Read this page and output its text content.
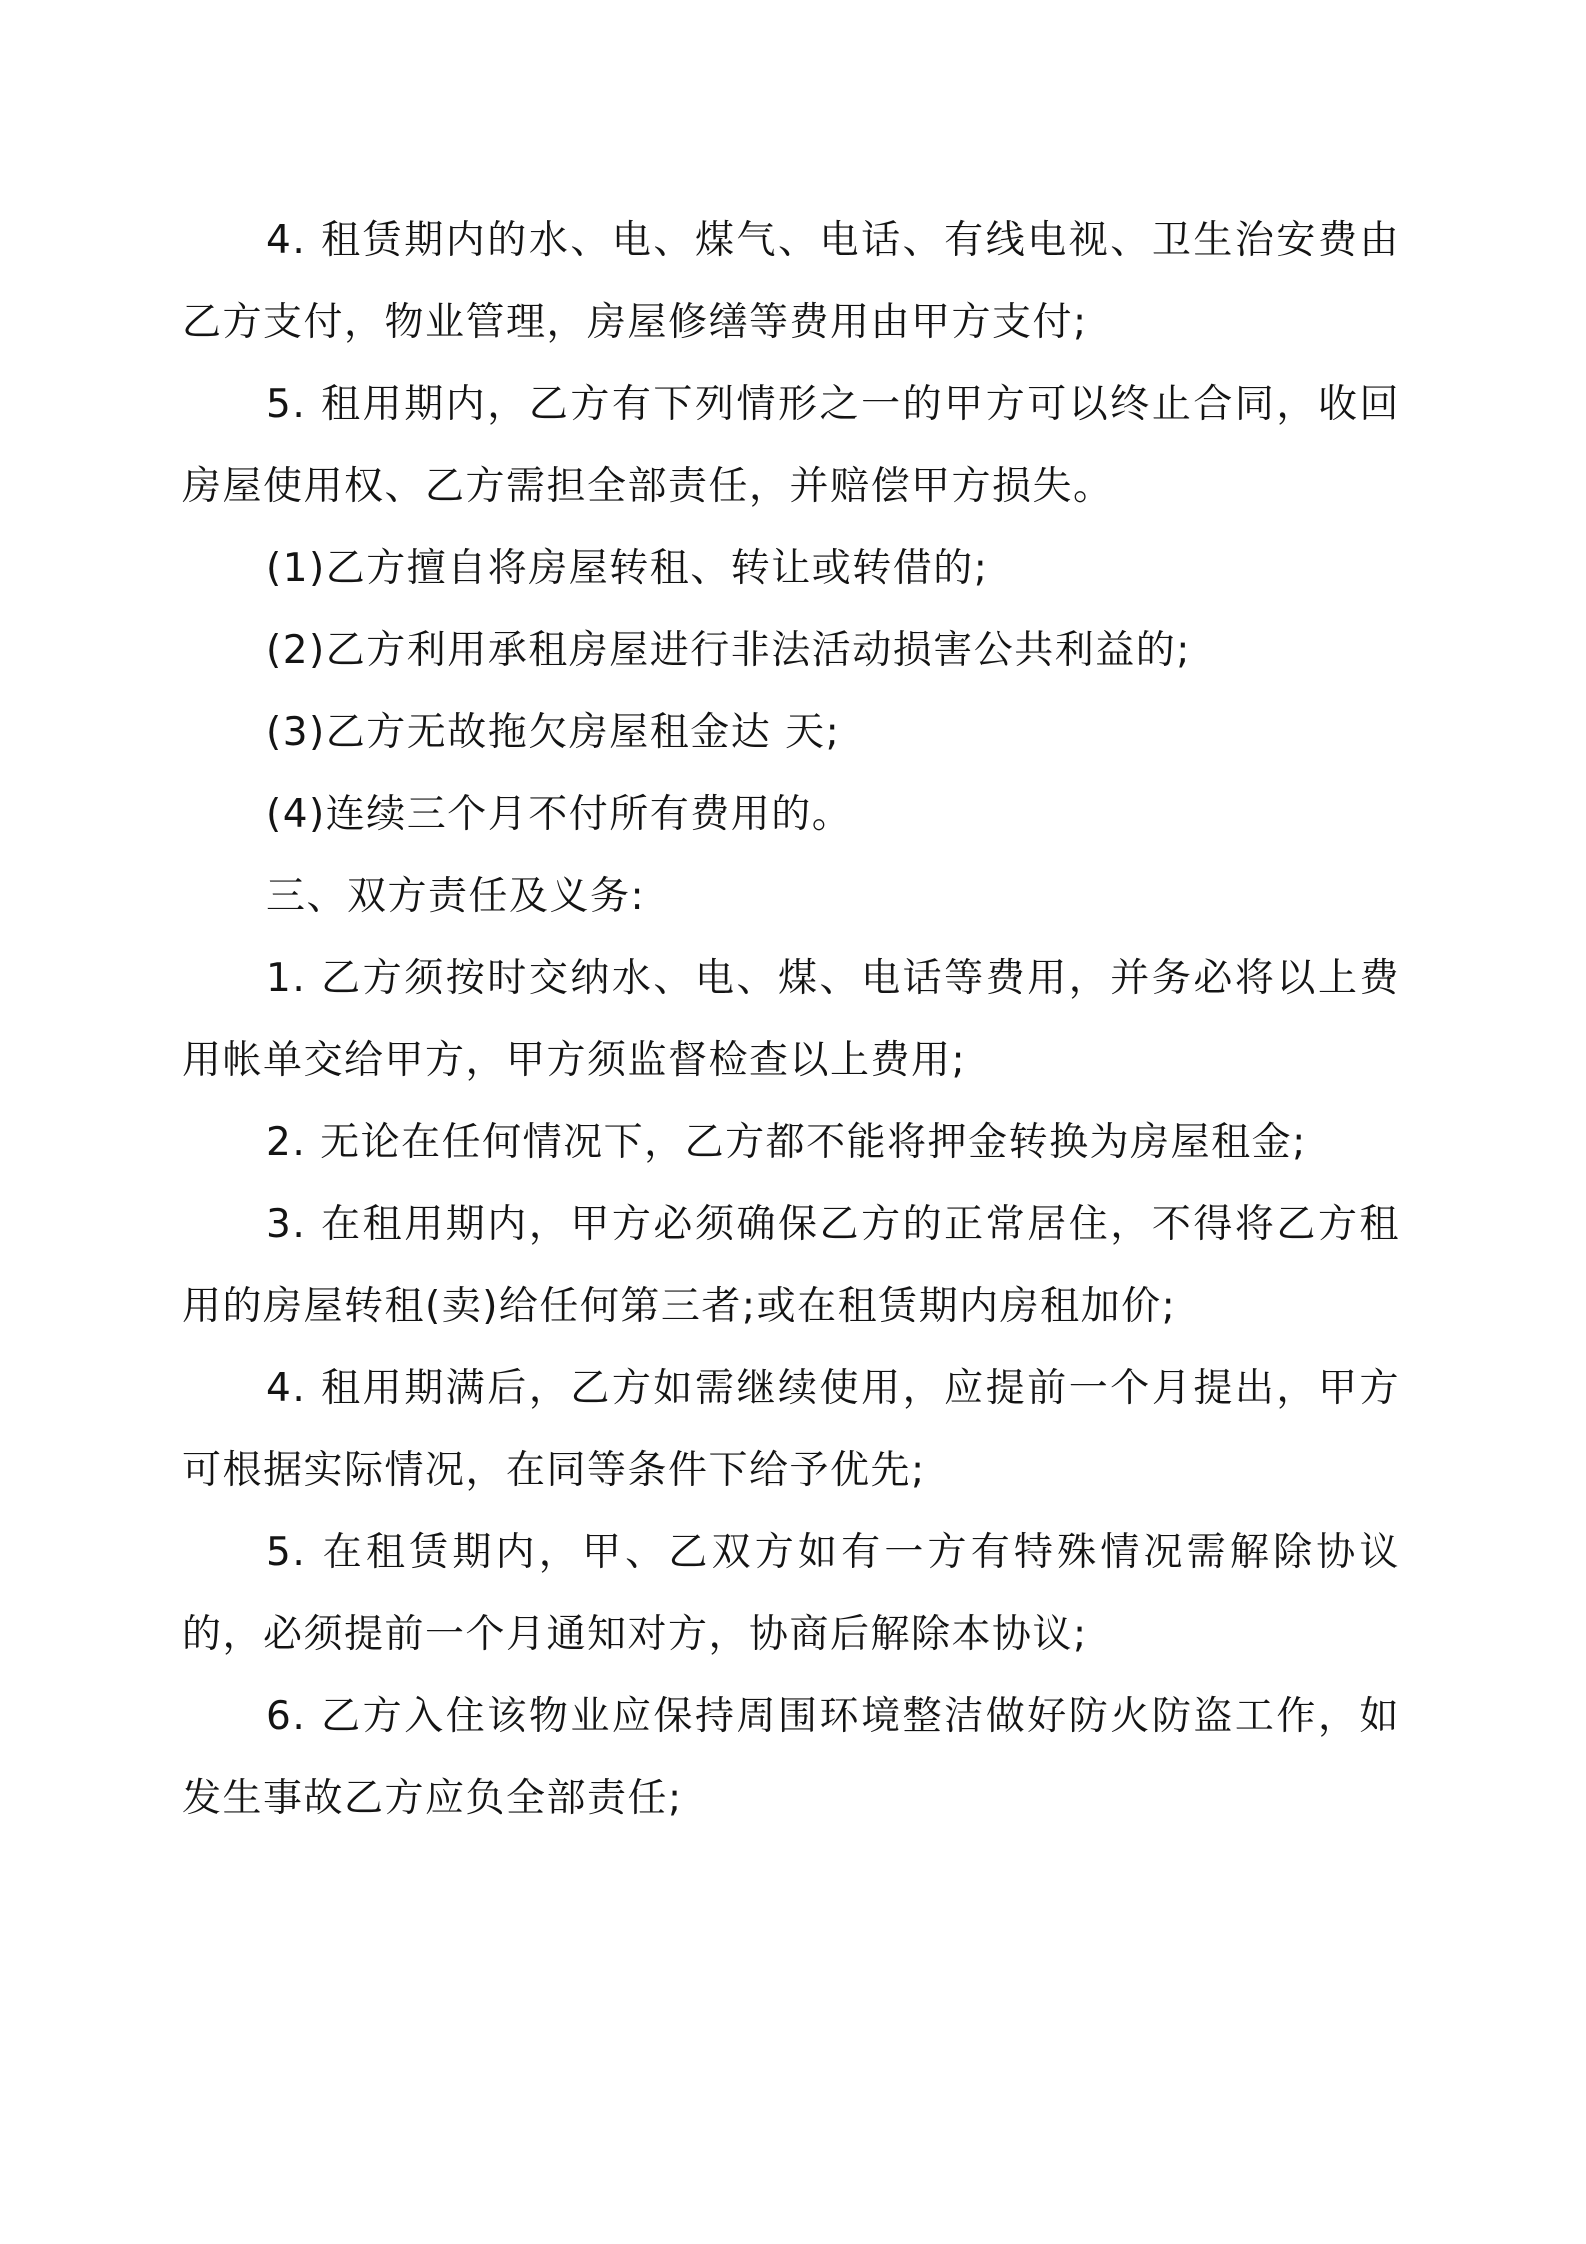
4. 租赁期内的水、电、煤气、电话、有线电视、卫生治安费由乙方支付，物业管理，房屋修缮等费用由甲方支付;

5. 租用期内，乙方有下列情形之一的甲方可以终止合同，收回房屋使用权、乙方需担全部责任，并赔偿甲方损失。

(1)乙方擅自将房屋转租、转让或转借的;

(2)乙方利用承租房屋进行非法活动损害公共利益的;

(3)乙方无故拖欠房屋租金达 天;

(4)连续三个月不付所有费用的。

三、双方责任及义务:

1. 乙方须按时交纳水、电、煤、电话等费用，并务必将以上费用帐单交给甲方，甲方须监督检查以上费用;

2. 无论在任何情况下，乙方都不能将押金转换为房屋租金;

3. 在租用期内，甲方必须确保乙方的正常居住，不得将乙方租用的房屋转租(卖)给任何第三者;或在租赁期内房租加价;

4. 租用期满后，乙方如需继续使用，应提前一个月提出，甲方可根据实际情况，在同等条件下给予优先;

5. 在租赁期内，甲、乙双方如有一方有特殊情况需解除协议的，必须提前一个月通知对方，协商后解除本协议;

6. 乙方入住该物业应保持周围环境整洁做好防火防盗工作，如发生事故乙方应负全部责任;
